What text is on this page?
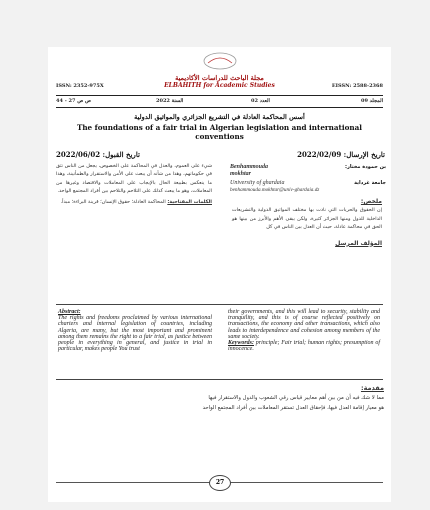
مجلة الباحث للدراسات الأكاديمية
ELBAHITH for Academic Studies
ISSN: 2352-975X	EISSN: 2588-2368
ص ص 27 - 44	السنة 2022	العدد 02	المجلد 09
أسس المحاكمة العادلة في التشريع الجزائري والمواثيق الدولية
The foundations of a fair trial in Algerian legislation and international conventions
تاريخ القبول: 2022/06/02	تاريخ الإرسال: 2022/02/09
Benhammouda
mokhtar
بن حمودة مختار:
University of ghardaia	جامعة غرداية
benhammouda.mokhtar@univ-ghardaia.dz
ملخص:
إن الحقوق والحريات التي نادت بها مختلف المواثيق الدولية والتشريعات الداخلية للدول ومنها الجزائر كثيرة، ولكن يبقى الأهم والأبرز من بينها هو الحق في محاكمة عادلة، حيث أن العدل بين الناس في كل
المؤلف المرسل
شيء على العموم، والعدل في المحاكمة على الخصوص، يجعل من الناس تثق في حكوماتهم، وهذا من شأنه أن يبعث على الأمن والاستقرار والطمأنينة، وهذا ما ينعكس بطبيعة الحال بالإيجاب على المعاملات والاقتصاد وغيرها من المعاملات، وهو ما يبعث كذلك على التلاحم والتلاحم بين أفراد المجتمع الواحد.
الكلمات المفتاحية: المحاكمة العادلة؛ حقوق الإنسان؛ قرينة البراءة؛ مبدأ.
Abstract:
The rights and freedoms proclaimed by various international charters and internal legislation of countries, including Algeria, are many, but the most important and prominent among them remains the right to a fair trial, as justice between people in everything in general, and justice in trial in particular, makes people You trust
their governments, and this will lead to security, stability and tranquility, and this is of course reflected positively on transactions, the economy and other transactions, which also leads to interdependence and cohesion among members of the same society.
Keywords: principle; Fair trial; human rights; presumption of innocence.
مقدمة:
مما لا شك فيه أن من بين أهم معايير قياس رقي الشعوب والدول والاستقرار فيها
هو معيار إقامة العدل فيها، فإحقاق العدل تستقر المعاملات بين أفراد المجتمع الواحد
27
